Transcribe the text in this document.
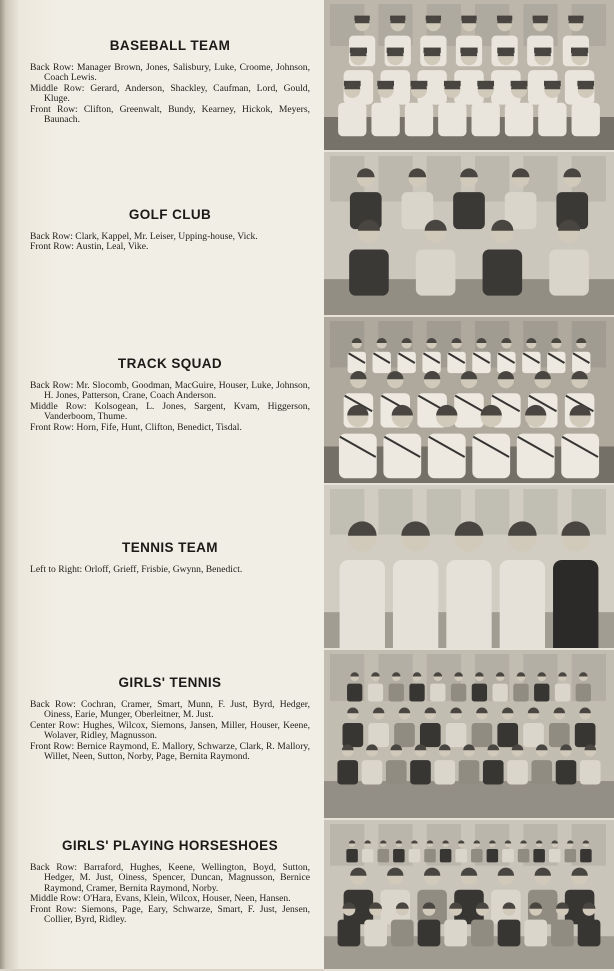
BASEBALL TEAM

Back Row: Manager Brown, Jones, Salisbury, Luke, Croome, Johnson, Coach Lewis.

Middle Row: Gerard, Anderson, Shackley, Caufman, Lord, Gould, Kluge.

Front Row: Clifton, Greenwalt, Bundy, Kearney, Hickok, Meyers, Baunach.

GOLF CLUB

Back Row: Clark, Kappel, Mr. Leiser, Upping-house, Vick.

Front Row: Austin, Leal, Vike.

TRACK SQUAD

Back Row: Mr. Slocomb, Goodman, MacGuire, Houser, Luke, Johnson, H. Jones, Patterson, Crane, Coach Anderson.

Middle Row: Kolsogean, L. Jones, Sargent, Kvam, Higgerson, Vanderboom, Thume.

Front Row: Horn, Fife, Hunt, Clifton, Benedict, Tisdal.

TENNIS TEAM

Left to Right: Orloff, Grieff, Frisbie, Gwynn, Benedict.

GIRLS' TENNIS

Back Row: Cochran, Cramer, Smart, Munn, F. Just, Byrd, Hedger, Oiness, Earie, Munger, Oberleitner, M. Just.

Center Row: Hughes, Wilcox, Siemons, Jansen, Miller, Houser, Keene, Wolaver, Ridley, Magnusson.

Front Row: Bernice Raymond, E. Mallory, Schwarze, Clark, R. Mallory, Willet, Neen, Sutton, Norby, Page, Bernita Raymond.

GIRLS' PLAYING HORSESHOES

Back Row: Barraford, Hughes, Keene, Wellington, Boyd, Sutton, Hedger, M. Just, Oiness, Spencer, Duncan, Magnusson, Bernice Raymond, Cramer, Bernita Raymond, Norby.

Middle Row: O'Hara, Evans, Klein, Wilcox, Houser, Neen, Hansen.

Front Row: Siemons, Page, Eary, Schwarze, Smart, F. Just, Jensen, Collier, Byrd, Ridley.
